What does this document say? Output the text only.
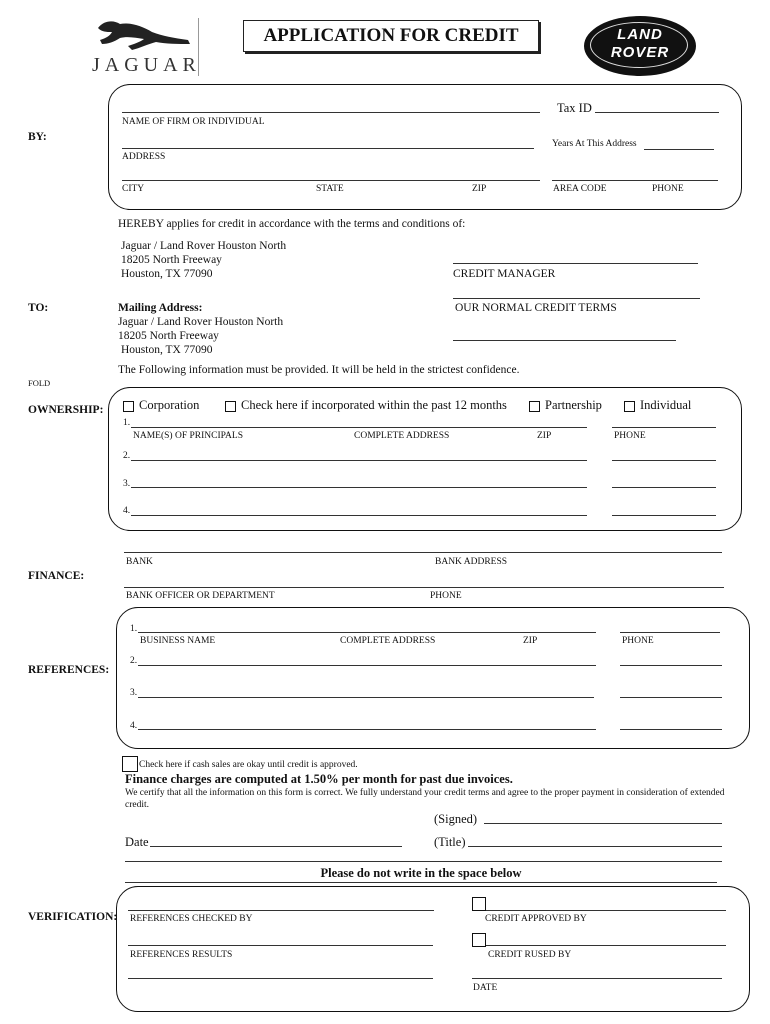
JAGUAR
APPLICATION FOR CREDIT	LAND
ROVER
BY:
Tax ID
NAME OF FIRM OR INDIVIDUAL
Years At This Address
ADDRESS
CITY	STATE	ZIP	AREA CODE	PHONE
HEREBY applies for credit in accordance with the terms and conditions of:
Jaguar / Land Rover Houston North
18205 North Freeway
Houston, TX 77090	CREDIT MANAGER
TO:	Mailing Address:
Jaguar / Land Rover Houston North
18205 North Freeway
Houston, TX 77090
OUR NORMAL CREDIT TERMS
The Following information must be provided. It will be held in the strictest confidence.
FOLD
OWNERSHIP:	Corporation	Check here if incorporated within the past 12 months	Partnership	Individual
1.
NAME(S) OF PRINCIPALS	COMPLETE ADDRESS	ZIP	PHONE
2.
3.
4.
BANK	BANK ADDRESS
FINANCE:
BANK OFFICER OR DEPARTMENT	PHONE
REFERENCES:
1.
BUSINESS NAME	COMPLETE ADDRESS	ZIP	PHONE
2.
3.
4.
Check here if cash sales are okay until credit is approved.
Finance charges are computed at 1.50% per month for past due invoices.
We certify that all the information on this form is correct. We fully understand your credit terms and agree to the proper payment in consideration of extended credit.
(Signed)
Date	(Title)
Please do not write in the space below
VERIFICATION: REFERENCES CHECKED BY	CREDIT APPROVED BY
REFERENCES RESULTS	CREDIT RUSED BY
DATE
